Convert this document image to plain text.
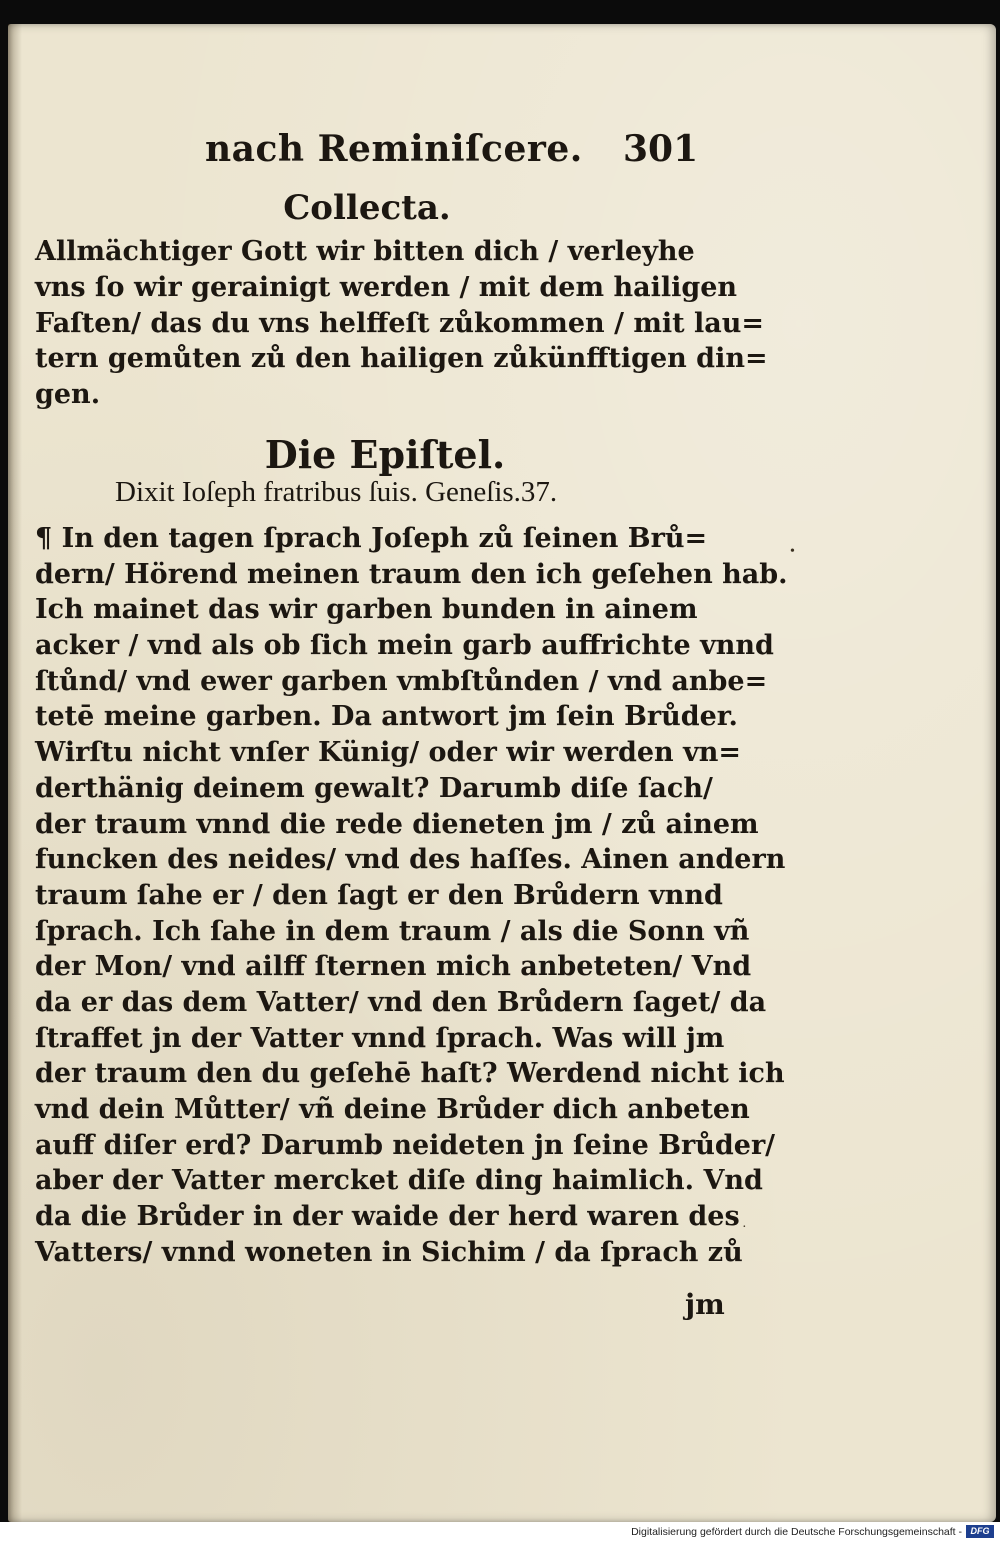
nach Reminiſcere. 301
Collecta.
Allmächtiger Gott wir bitten dich / verleyhe
vns ſo wir gerainigt werden / mit dem hailigen
Faſten/ das du vns helffeſt zůkommen / mit lau=
tern gemůten zů den hailigen zůkünfftigen din=
gen.
Die Epiſtel.
Dixit Ioſeph fratribus ſuis. Geneſis.37.
¶ In den tagen ſprach Joſeph zů ſeinen Brů=
dern/ Hörend meinen traum den ich geſehen hab.
Ich mainet das wir garben bunden in ainem
acker / vnd als ob ſich mein garb auffrichte vnnd
ſtůnd/ vnd ewer garben vmbſtůnden / vnd anbe=
tetē meine garben. Da antwort jm ſein Brůder.
Wirſtu nicht vnſer Künig/ oder wir werden vn=
derthänig deinem gewalt? Darumb diſe ſach/
der traum vnnd die rede dieneten jm / zů ainem
funcken des neides/ vnd des haſſes. Ainen andern
traum ſahe er / den ſagt er den Brůdern vnnd
ſprach. Ich ſahe in dem traum / als die Sonn vñ
der Mon/ vnd ailff ſternen mich anbeteten/ Vnd
da er das dem Vatter/ vnd den Brůdern ſaget/ da
ſtraffet jn der Vatter vnnd ſprach. Was will jm
der traum den du geſehē haſt? Werdend nicht ich
vnd dein Můtter/ vñ deine Brůder dich anbeten
auff diſer erd? Darumb neideten jn ſeine Brůder/
aber der Vatter mercket diſe ding haimlich. Vnd
da die Brůder in der waide der herd waren des
Vatters/ vnnd woneten in Sichim / da ſprach zů
jm
•
·
Digitalisierung gefördert durch die Deutsche Forschungsgemeinschaft - DFG
